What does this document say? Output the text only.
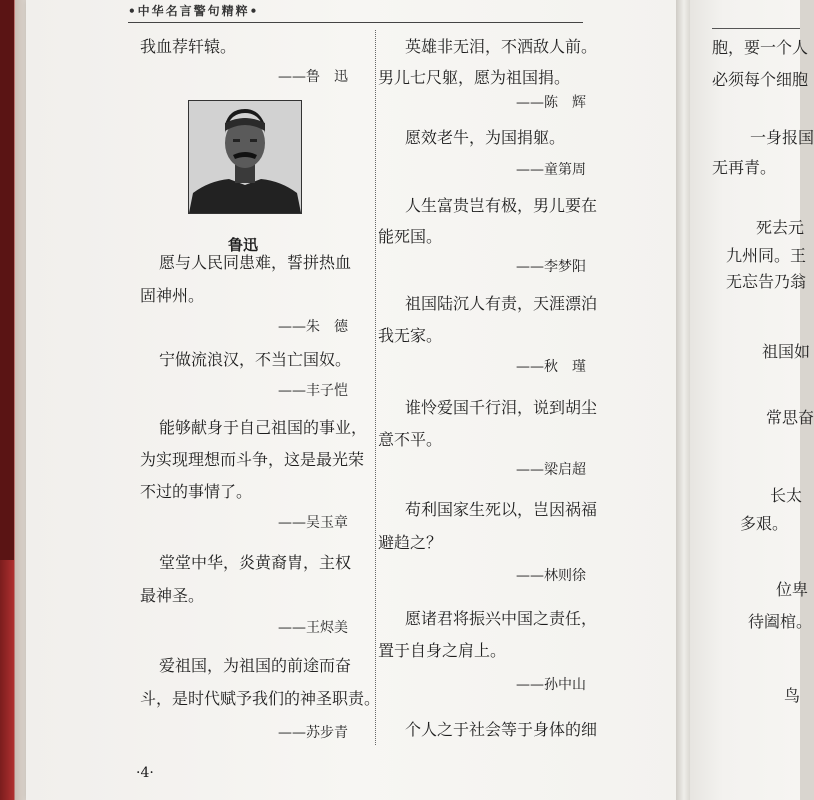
•中华名言警句精粹•
鲁迅
我血荐轩辕。
——鲁　迅
愿与人民同患难，誓拼热血
固神州。
——朱　德
宁做流浪汉，不当亡国奴。
——丰子恺
能够献身于自己祖国的事业，
为实现理想而斗争，这是最光荣
不过的事情了。
——吴玉章
堂堂中华，炎黄裔胄，主权
最神圣。
——王烬美
爱祖国，为祖国的前途而奋
斗，是时代赋予我们的神圣职责。
——苏步青
英雄非无泪，不洒敌人前。
男儿七尺躯，愿为祖国捐。
——陈　辉
愿效老牛，为国捐躯。
——童第周
人生富贵岂有极，男儿要在
能死国。
——李梦阳
祖国陆沉人有责，天涯漂泊
我无家。
——秋　瑾
谁怜爱国千行泪，说到胡尘
意不平。
——梁启超
苟利国家生死以，岂因祸福
避趋之？
——林则徐
愿诸君将振兴中国之责任，
置于自身之肩上。
——孙中山
个人之于社会等于身体的细
·4·
胞，要一个人
必须每个细胞
一身报国
无再青。
死去元
九州同。王
无忘告乃翁
祖国如
常思奋
长太
多艰。
位卑
待阖棺。
鸟
